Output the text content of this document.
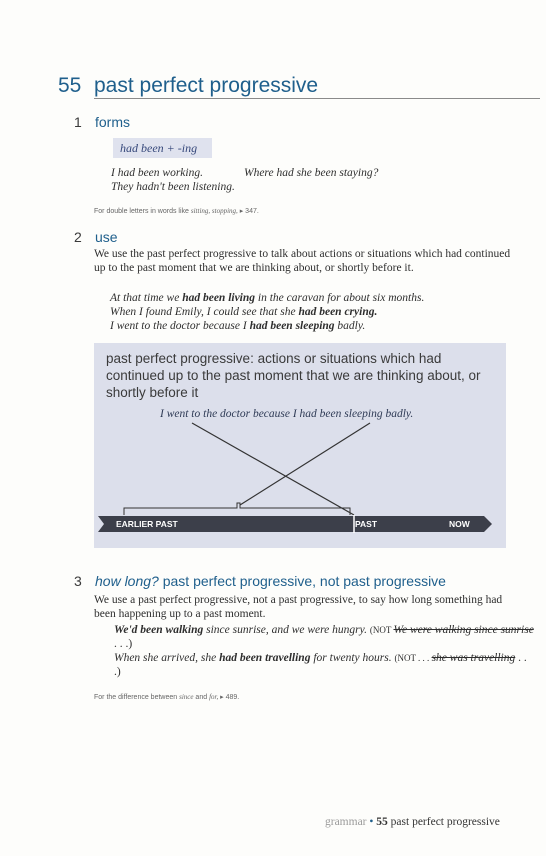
55 past perfect progressive
1 forms
had been + -ing
I had been working.	Where had she been staying?
They hadn't been listening.
For double letters in words like sitting, stopping, ▸ 347.
2 use
We use the past perfect progressive to talk about actions or situations which had continued up to the past moment that we are thinking about, or shortly before it.
At that time we had been living in the caravan for about six months.
When I found Emily, I could see that she had been crying.
I went to the doctor because I had been sleeping badly.
past perfect progressive: actions or situations which had continued up to the past moment that we are thinking about, or shortly before it
I went to the doctor because I had been sleeping badly.
EARLIER PAST	PAST	NOW
3 how long? past perfect progressive, not past progressive
We use a past perfect progressive, not a past progressive, to say how long something had been happening up to a past moment.
We'd been walking since sunrise, and we were hungry. (NOT We were walking since sunrise . . .)
When she arrived, she had been travelling for twenty hours. (NOT . . . she was travelling . . .)
For the difference between since and for, ▸ 489.
grammar • 55 past perfect progressive
